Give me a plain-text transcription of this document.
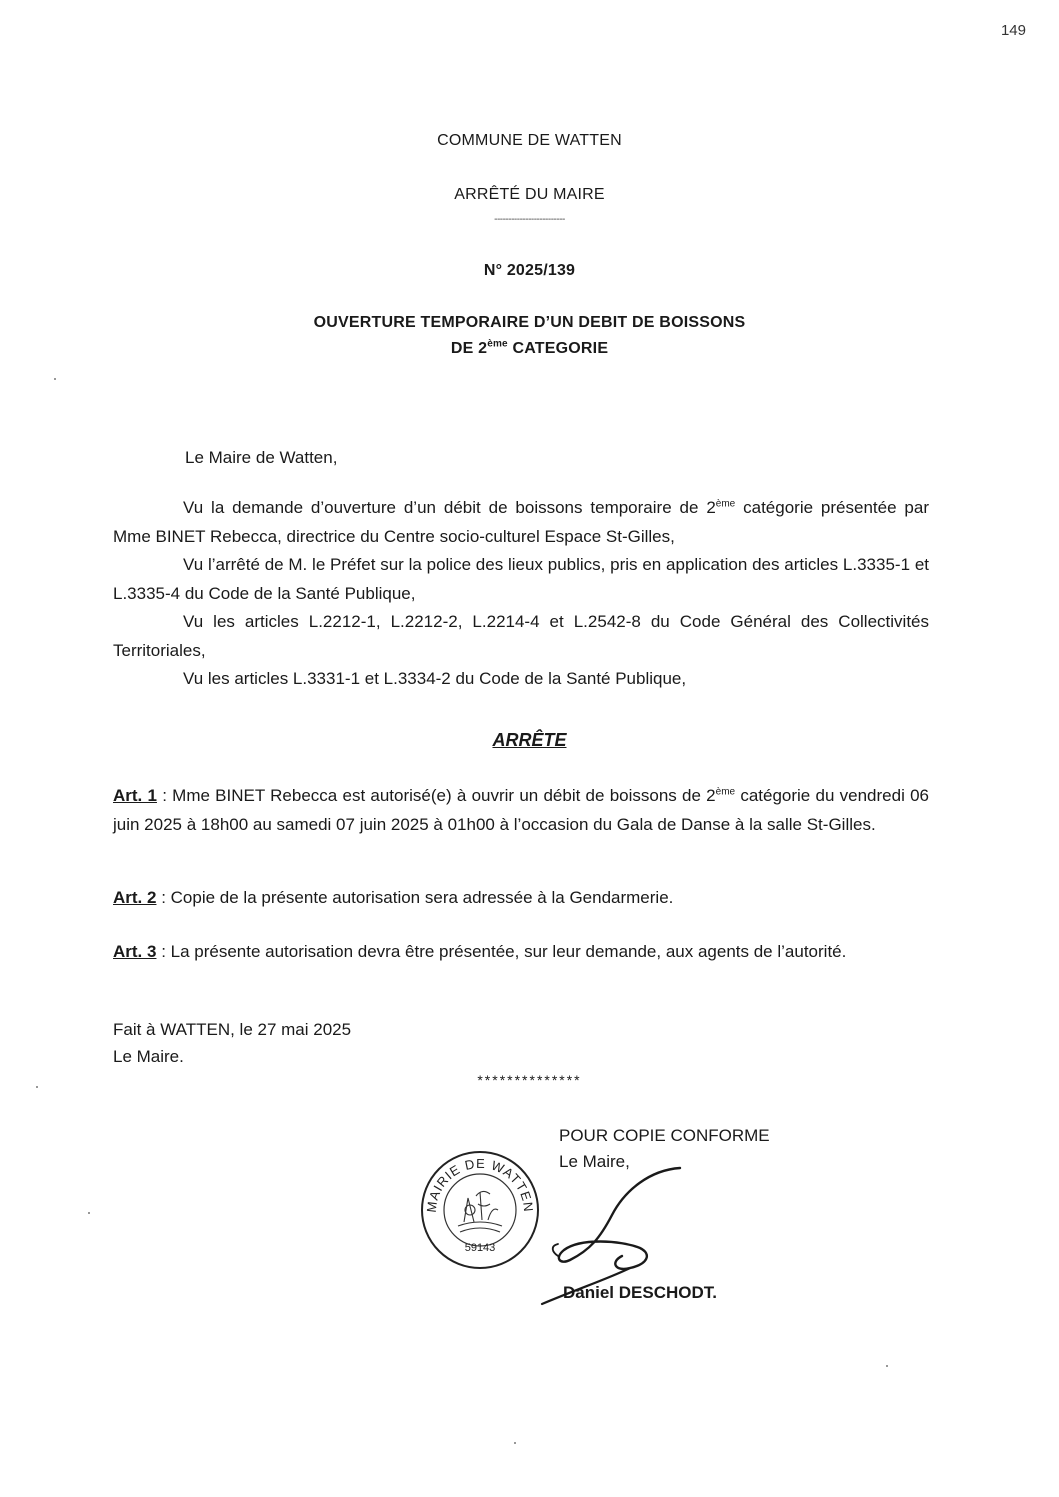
149
COMMUNE DE WATTEN
ARRÊTÉ DU MAIRE
-------------------------
N° 2025/139
OUVERTURE TEMPORAIRE D’UN DEBIT DE BOISSONS
DE 2ème CATEGORIE
Le Maire de Watten,

Vu la demande d’ouverture d’un débit de boissons temporaire de 2ème catégorie présentée par Mme BINET Rebecca, directrice du Centre socio-culturel Espace St-Gilles,

Vu l’arrêté de M. le Préfet sur la police des lieux publics, pris en application des articles L.3335-1 et L.3335-4 du Code de la Santé Publique,

Vu les articles L.2212-1, L.2212-2, L.2214-4 et L.2542-8 du Code Général des Collectivités Territoriales,

Vu les articles L.3331-1 et L.3334-2 du Code de la Santé Publique,

ARRÊTE

Art. 1 : Mme BINET Rebecca est autorisé(e) à ouvrir un débit de boissons de 2ème catégorie du vendredi 06 juin 2025 à 18h00 au samedi 07 juin 2025 à 01h00 à l’occasion du Gala de Danse à la salle St-Gilles.

Art. 2 : Copie de la présente autorisation sera adressée à la Gendarmerie.

Art. 3 : La présente autorisation devra être présentée, sur leur demande, aux agents de l’autorité.

Fait à WATTEN, le 27 mai 2025
Le Maire.
**************
POUR COPIE CONFORME
Le Maire,
MAIRIE DE WATTEN
59143
Daniel DESCHODT.
